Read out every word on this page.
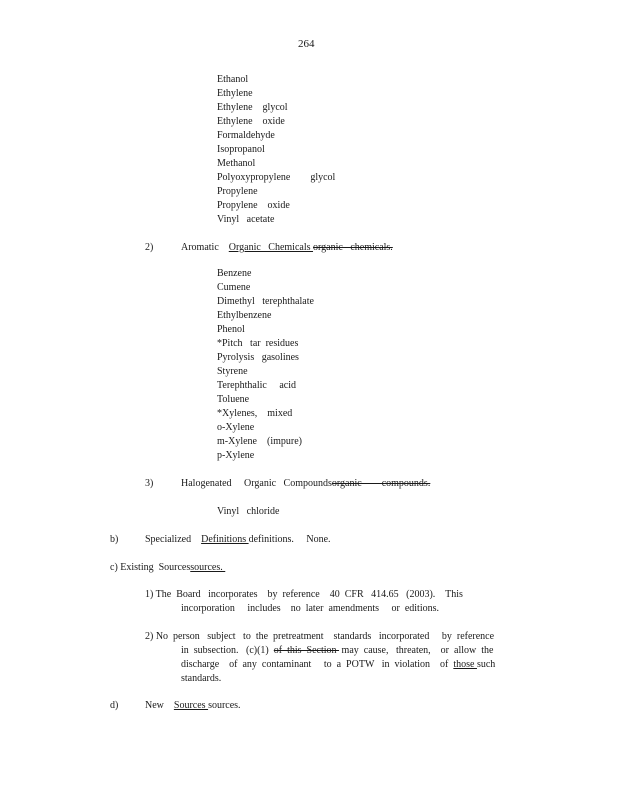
264
Ethanol
Ethylene
Ethylene    glycol
Ethylene    oxide
Formaldehyde
Isopropanol
Methanol
Polyoxypropylene        glycol
Propylene
Propylene    oxide
Vinyl   acetate
2)	Aromatic Organic   Chemicals organic   chemicals.
Benzene
Cumene
Dimethyl   terephthalate
Ethylbenzene
Phenol
*Pitch   tar  residues
Pyrolysis   gasolines
Styrene
Terephthalic     acid
Toluene
*Xylenes,    mixed
o-Xylene
m-Xylene    (impure)
p-Xylene
3)	Halogenated     Organic   Compoundsorganic        compounds.
Vinyl   chloride
b)	Specialized Definitions definitions.     None.
c) Existing  Sourcessources.
1) The  Board   incorporates    by  reference    40  CFR   414.65   (2003).    This
incorporation     includes    no  later  amendments     or  editions.
2) No  person   subject   to  the  pretreatment    standards   incorporated     by  reference
in  subsection.   (c)(1)  of  this  Section  may  cause,   threaten,    or  allow  the
discharge    of  any  contaminant     to  a  POTW   in  violation    of  those such
standards.
d)	New Sources sources.
